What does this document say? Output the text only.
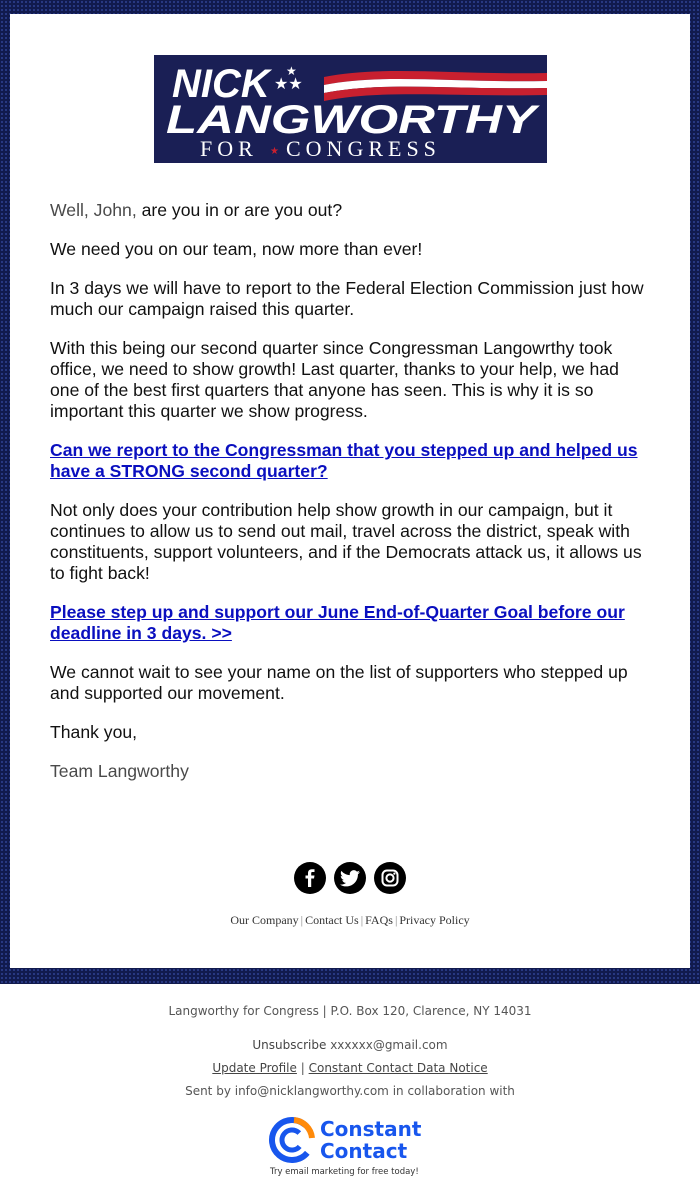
★★
★
NICK
LANGWORTHY
FOR ★ CONGRESS

Well, John, are you in or are you out?

We need you on our team, now more than ever!

In 3 days we will have to report to the Federal Election Commission just how much our campaign raised this quarter.

With this being our second quarter since Congressman Langowrthy took office, we need to show growth! Last quarter, thanks to your help, we had one of the best first quarters that anyone has seen. This is why it is so important this quarter we show progress.

Can we report to the Congressman that you stepped up and helped us have a STRONG second quarter?

Not only does your contribution help show growth in our campaign, but it continues to allow us to send out mail, travel across the district, speak with constituents, support volunteers, and if the Democrats attack us, it allows us to fight back!

Please step up and support our June End-of-Quarter Goal before our deadline in 3 days. >>

We cannot wait to see your name on the list of supporters who stepped up and supported our movement.

Thank you,

Team Langworthy

Our Company | Contact Us | FAQs | Privacy Policy
Langworthy for Congress | P.O. Box 120, Clarence, NY 14031
Unsubscribe xxxxxx@gmail.com
Update Profile | Constant Contact Data Notice
Sent by info@nicklangworthy.com in collaboration with
Constant
Contact
Try email marketing for free today!
